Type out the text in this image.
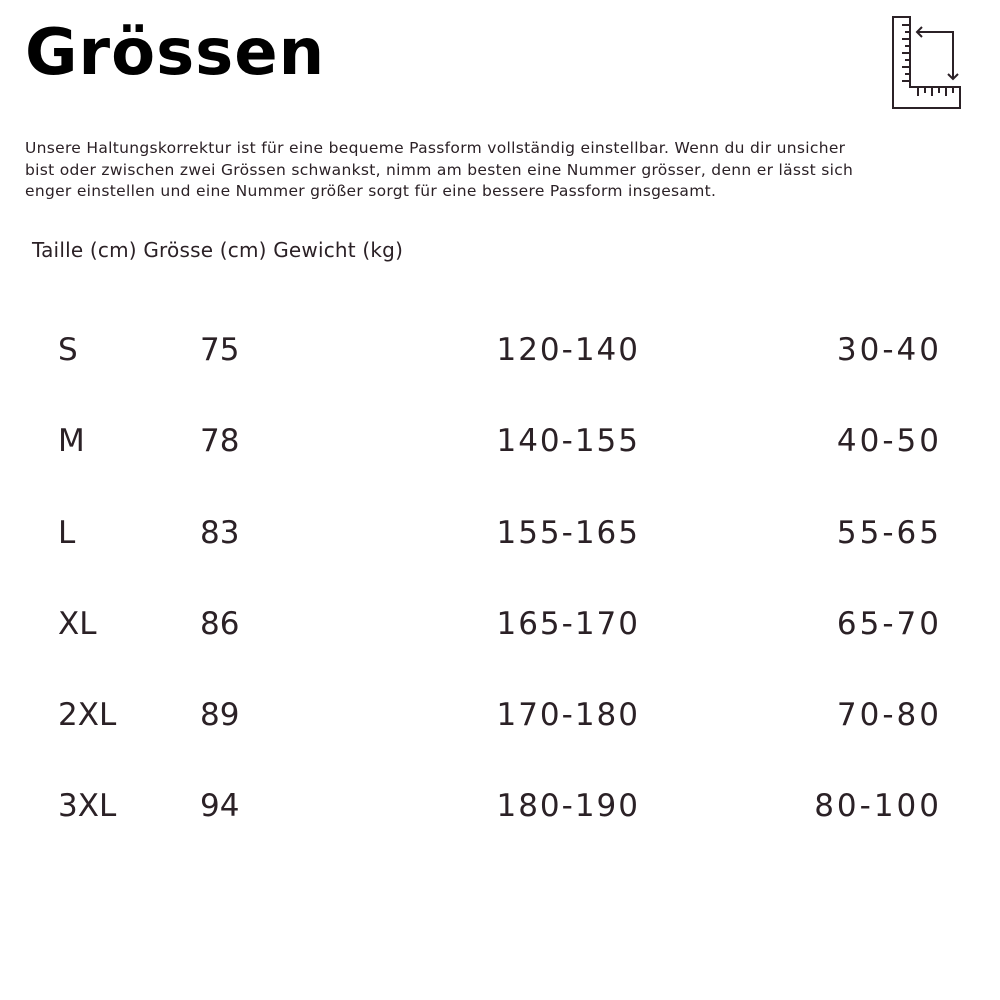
Grössen

Unsere Haltungskorrektur ist für eine bequeme Passform vollständig einstellbar. Wenn du dir unsicher

bist oder zwischen zwei Grössen schwankst, nimm am besten eine Nummer grösser, denn er lässt sich

enger einstellen und eine Nummer größer sorgt für eine bessere Passform insgesamt.

Taille (cm) Grösse (cm) Gewicht (kg)
S	75	120-140	30-40
M	78	140-155	40-50
L	83	155-165	55-65
XL	86	165-170	65-70
2XL	89	170-180	70-80
3XL	94	180-190	80-100
